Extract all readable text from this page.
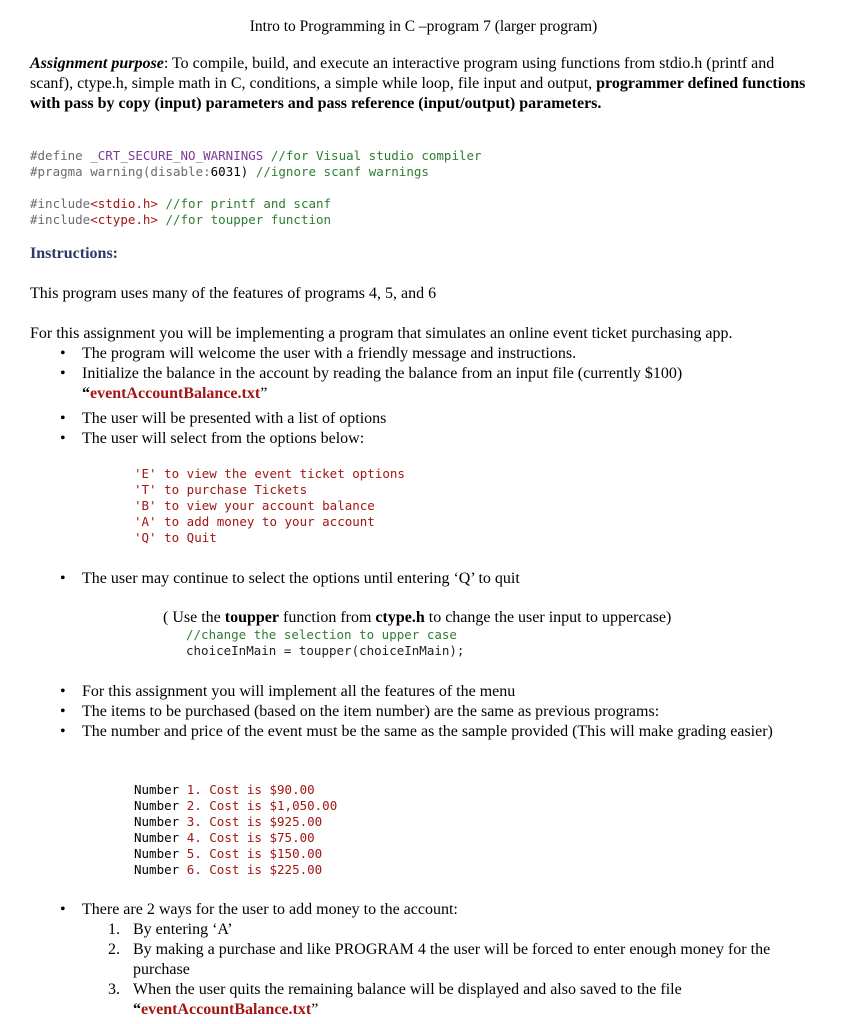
Intro to Programming in C –program 7 (larger program)
Assignment purpose: To compile, build, and execute an interactive program using functions from stdio.h (printf and scanf), ctype.h, simple math in C, conditions, a simple while loop, file input and output, programmer defined functions with pass by copy (input) parameters and pass reference (input/output) parameters.
#define _CRT_SECURE_NO_WARNINGS //for Visual studio compiler
#pragma warning(disable:6031) //ignore scanf warnings
#include<stdio.h> //for printf and scanf
#include<ctype.h> //for toupper function
Instructions:
This program uses many of the features of programs 4, 5, and 6
For this assignment you will be implementing a program that simulates an online event ticket purchasing app.
• The program will welcome the user with a friendly message and instructions.
• Initialize the balance in the account by reading the balance from an input file (currently $100)
“eventAccountBalance.txt”
• The user will be presented with a list of options
• The user will select from the options below:
'E' to view the event ticket options
'T' to purchase Tickets
'B' to view your account balance
'A' to add money to your account
'Q' to Quit
• The user may continue to select the options until entering ‘Q’ to quit
( Use the toupper function from ctype.h to change the user input to uppercase)
//change the selection to upper case
choiceInMain = toupper(choiceInMain);
• For this assignment you will implement all the features of the menu
• The items to be purchased (based on the item number) are the same as previous programs:
• The number and price of the event must be the same as the sample provided (This will make grading easier)
Number 1. Cost is $90.00
Number 2. Cost is $1,050.00
Number 3. Cost is $925.00
Number 4. Cost is $75.00
Number 5. Cost is $150.00
Number 6. Cost is $225.00
• There are 2 ways for the user to add money to the account:
1. By entering ‘A’
2. By making a purchase and like PROGRAM 4 the user will be forced to enter enough money for the purchase
3. When the user quits the remaining balance will be displayed and also saved to the file
“eventAccountBalance.txt”
